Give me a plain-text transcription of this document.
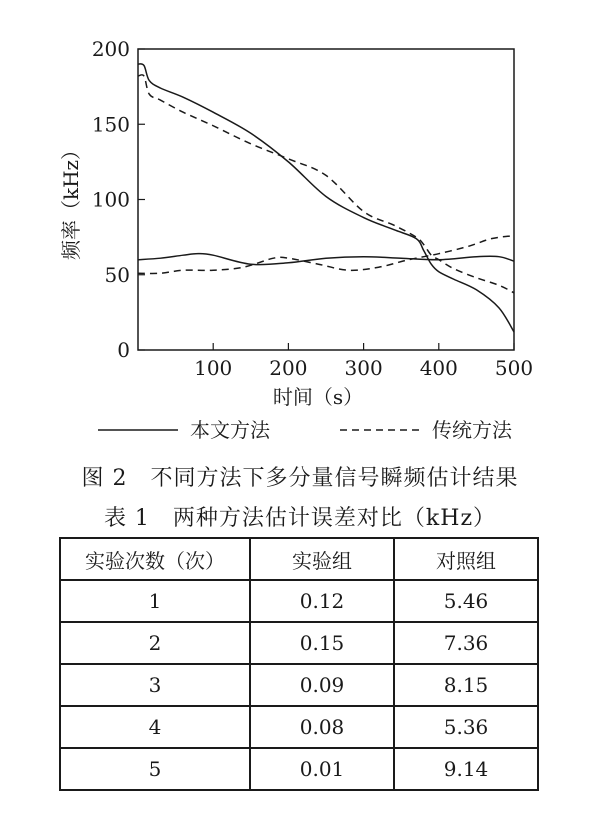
0
50
100
150
200
100 200 300 400 500
时间（s）
频率（kHz）
本文方法	传统方法
图 2　不同方法下多分量信号瞬频估计结果
表 1　两种方法估计误差对比（kHz）
实验次数（次）	实验组	对照组
1	0.12	5.46
2	0.15	7.36
3	0.09	8.15
4	0.08	5.36
5	0.01	9.14
